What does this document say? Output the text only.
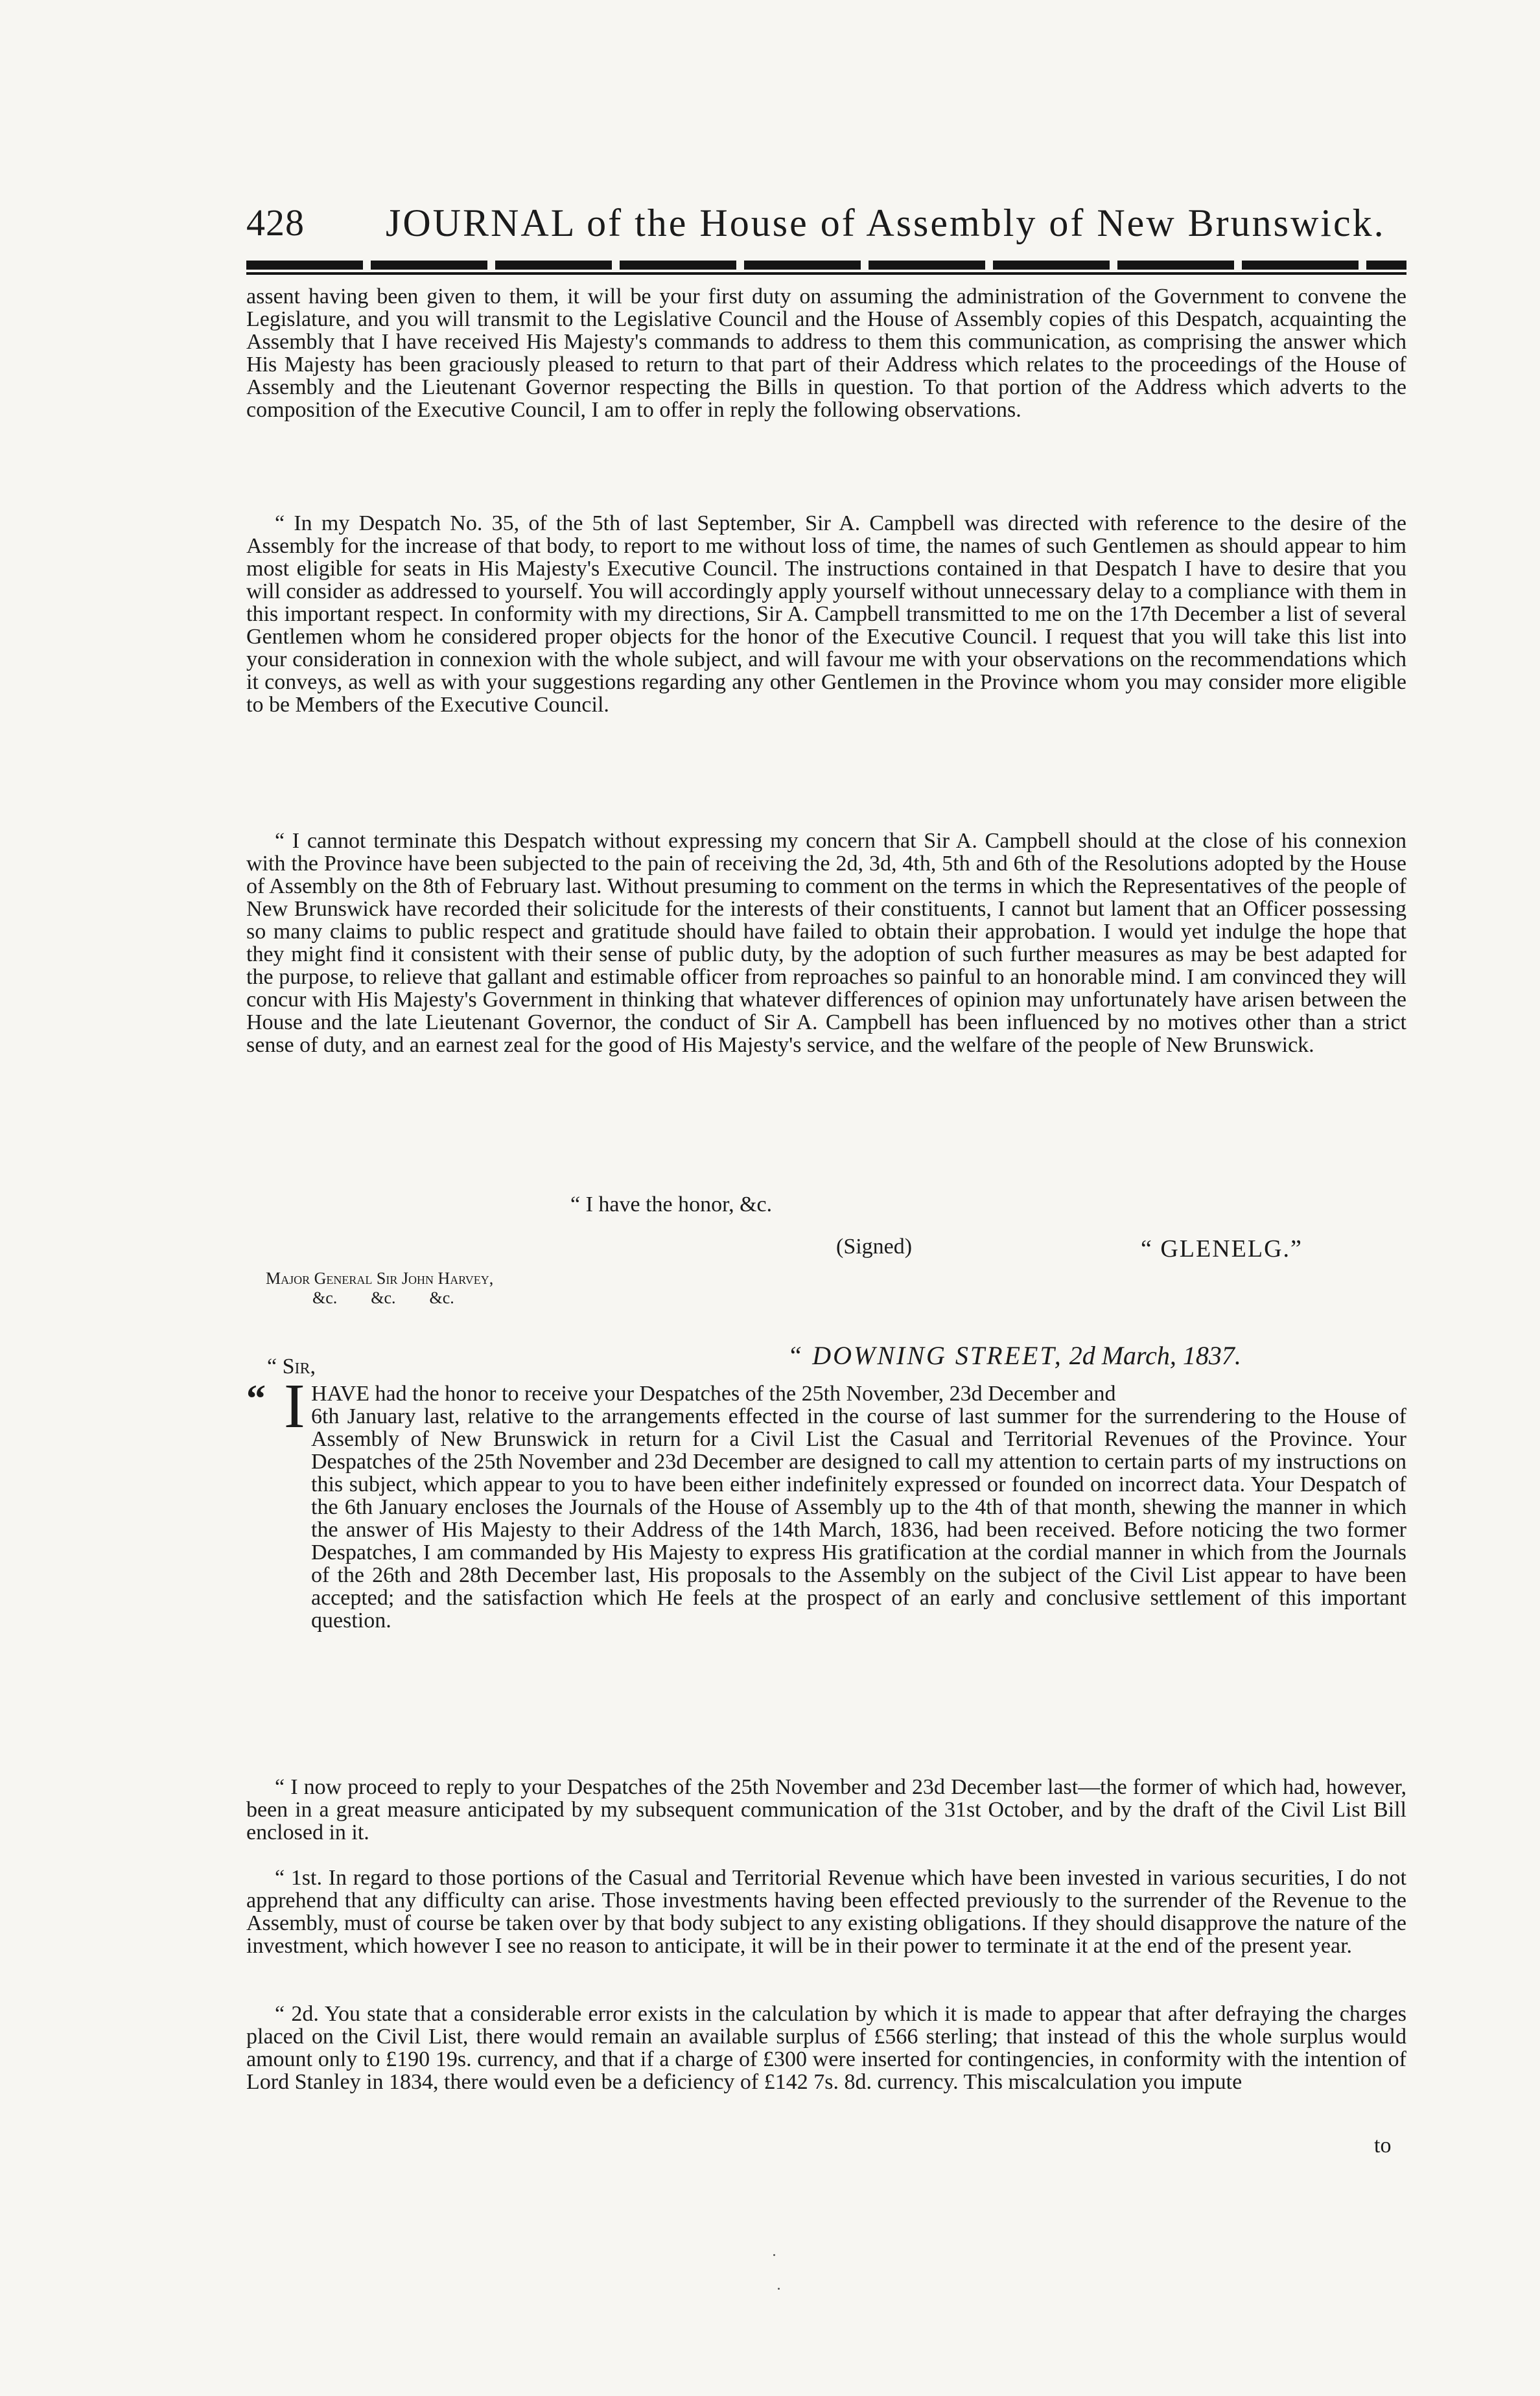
428 JOURNAL of the House of Assembly of New Brunswick.

assent having been given to them, it will be your first duty on assuming the administration of the Government to convene the Legislature, and you will transmit to the Legislative Council and the House of Assembly copies of this Despatch, acquainting the Assembly that I have received His Majesty's commands to address to them this communication, as comprising the answer which His Majesty has been graciously pleased to return to that part of their Address which relates to the proceedings of the House of Assembly and the Lieutenant Governor respecting the Bills in question. To that portion of the Address which adverts to the composition of the Executive Council, I am to offer in reply the following observations.

“ In my Despatch No. 35, of the 5th of last September, Sir A. Campbell was directed with reference to the desire of the Assembly for the increase of that body, to report to me without loss of time, the names of such Gentlemen as should appear to him most eligible for seats in His Majesty's Executive Council. The instructions contained in that Despatch I have to desire that you will consider as addressed to yourself. You will accordingly apply yourself without unnecessary delay to a compliance with them in this important respect. In conformity with my directions, Sir A. Campbell transmitted to me on the 17th December a list of several Gentlemen whom he considered proper objects for the honor of the Executive Council. I request that you will take this list into your consideration in connexion with the whole subject, and will favour me with your observations on the recommendations which it conveys, as well as with your suggestions regarding any other Gentlemen in the Province whom you may consider more eligible to be Members of the Executive Council.

“ I cannot terminate this Despatch without expressing my concern that Sir A. Campbell should at the close of his connexion with the Province have been subjected to the pain of receiving the 2d, 3d, 4th, 5th and 6th of the Resolutions adopted by the House of Assembly on the 8th of February last. Without presuming to comment on the terms in which the Representatives of the people of New Brunswick have recorded their solicitude for the interests of their constituents, I cannot but lament that an Officer possessing so many claims to public respect and gratitude should have failed to obtain their approbation. I would yet indulge the hope that they might find it consistent with their sense of public duty, by the adoption of such further measures as may be best adapted for the purpose, to relieve that gallant and estimable officer from reproaches so painful to an honorable mind. I am convinced they will concur with His Majesty's Government in thinking that whatever differences of opinion may unfortunately have arisen between the House and the late Lieutenant Governor, the conduct of Sir A. Campbell has been influenced by no motives other than a strict sense of duty, and an earnest zeal for the good of His Majesty's service, and the welfare of the people of New Brunswick.

“ I have the honor, &c.

(Signed)	“ GLENELG.”

Major General Sir John Harvey,

&c.        &c.        &c.

“ DOWNING STREET, 2d March, 1837.

“ Sir,

“ I HAVE had the honor to receive your Despatches of the 25th November, 23d December and

6th January last, relative to the arrangements effected in the course of last summer for the surrendering to the House of Assembly of New Brunswick in return for a Civil List the Casual and Territorial Revenues of the Province. Your Despatches of the 25th November and 23d December are designed to call my attention to certain parts of my instructions on this subject, which appear to you to have been either indefinitely expressed or founded on incorrect data. Your Despatch of the 6th January encloses the Journals of the House of Assembly up to the 4th of that month, shewing the manner in which the answer of His Majesty to their Address of the 14th March, 1836, had been received. Before noticing the two former Despatches, I am commanded by His Majesty to express His gratification at the cordial manner in which from the Journals of the 26th and 28th December last, His proposals to the Assembly on the subject of the Civil List appear to have been accepted; and the satisfaction which He feels at the prospect of an early and conclusive settlement of this important question.

“ I now proceed to reply to your Despatches of the 25th November and 23d December last—the former of which had, however, been in a great measure anticipated by my subsequent communication of the 31st October, and by the draft of the Civil List Bill enclosed in it.

“ 1st. In regard to those portions of the Casual and Territorial Revenue which have been invested in various securities, I do not apprehend that any difficulty can arise. Those investments having been effected previously to the surrender of the Revenue to the Assembly, must of course be taken over by that body subject to any existing obligations. If they should disapprove the nature of the investment, which however I see no reason to anticipate, it will be in their power to terminate it at the end of the present year.

“ 2d. You state that a considerable error exists in the calculation by which it is made to appear that after defraying the charges placed on the Civil List, there would remain an available surplus of £566 sterling; that instead of this the whole surplus would amount only to £190 19s. currency, and that if a charge of £300 were inserted for contingencies, in conformity with the intention of Lord Stanley in 1834, there would even be a deficiency of £142 7s. 8d. currency. This miscalculation you impute

to
